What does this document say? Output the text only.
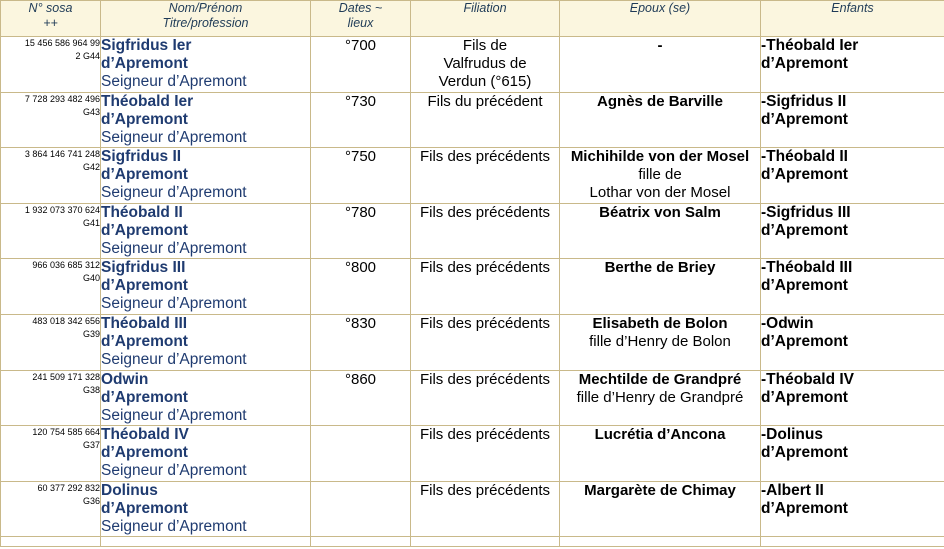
N° sosa
++	Nom/Prénom
Titre/profession	Dates ~
lieux	Filiation	Epoux (se)	Enfants

15 456 586 964 99
2 G44	Sigfridus Ier
d’Apremont
Seigneur d’Apremont	°700	Fils de
Valfrudus de
Verdun (°615)	-	-Théobald Ier
d’Apremont

7 728 293 482 496
G43	Théobald Ier
d’Apremont
Seigneur d’Apremont	°730	Fils du précédent	Agnès de Barville	-Sigfridus II
d’Apremont

3 864 146 741 248
G42	Sigfridus II
d’Apremont
Seigneur d’Apremont	°750	Fils des précédents	Michihilde von der Mosel
fille de
Lothar von der Mosel	-Théobald II
d’Apremont

1 932 073 370 624
G41	Théobald II
d’Apremont
Seigneur d’Apremont	°780	Fils des précédents	Béatrix von Salm	-Sigfridus III
d’Apremont

966 036 685 312
G40	Sigfridus III
d’Apremont
Seigneur d’Apremont	°800	Fils des précédents	Berthe de Briey	-Théobald III
d’Apremont

483 018 342 656
G39	Théobald III
d’Apremont
Seigneur d’Apremont	°830	Fils des précédents	Elisabeth de Bolon
fille d’Henry de Bolon	-Odwin
d’Apremont

241 509 171 328
G38	Odwin
d’Apremont
Seigneur d’Apremont	°860	Fils des précédents	Mechtilde de Grandpré
fille d’Henry de Grandpré	-Théobald IV
d’Apremont

120 754 585 664
G37	Théobald IV
d’Apremont
Seigneur d’Apremont		Fils des précédents	Lucrétia d’Ancona	-Dolinus
d’Apremont

60 377 292 832
G36	Dolinus
d’Apremont
Seigneur d’Apremont		Fils des précédents	Margarète de Chimay	-Albert II
d’Apremont
